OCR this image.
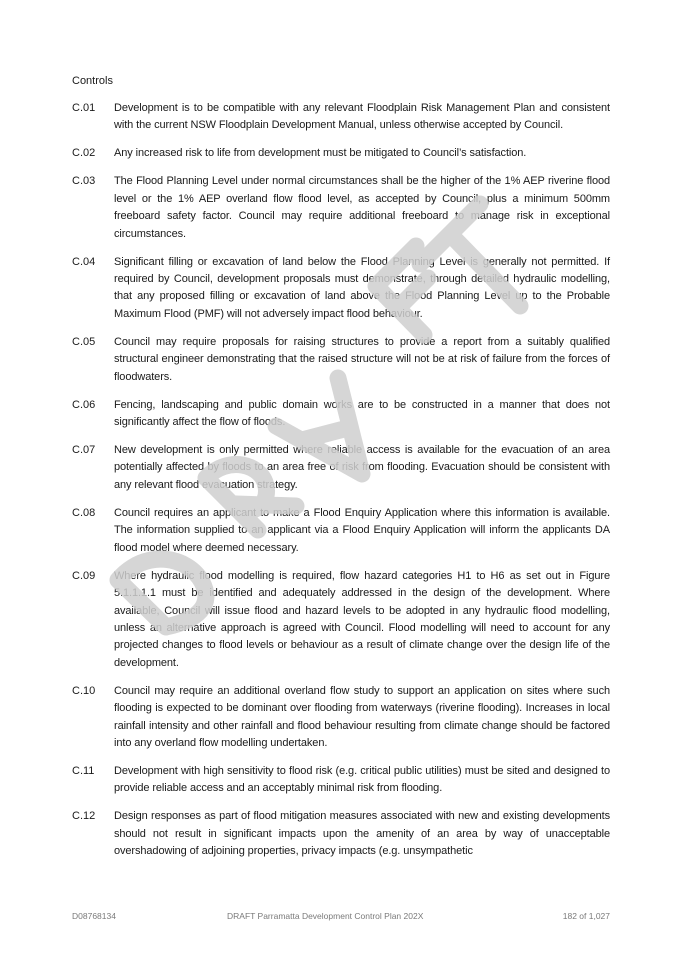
Controls
C.01	Development is to be compatible with any relevant Floodplain Risk Management Plan and consistent with the current NSW Floodplain Development Manual, unless otherwise accepted by Council.
C.02	Any increased risk to life from development must be mitigated to Council’s satisfaction.
C.03	The Flood Planning Level under normal circumstances shall be the higher of the 1% AEP riverine flood level or the 1% AEP overland flow flood level, as accepted by Council, plus a minimum 500mm freeboard safety factor. Council may require additional freeboard to manage risk in exceptional circumstances.
C.04	Significant filling or excavation of land below the Flood Planning Level is generally not permitted. If required by Council, development proposals must demonstrate, through detailed hydraulic modelling, that any proposed filling or excavation of land above the Flood Planning Level up to the Probable Maximum Flood (PMF) will not adversely impact flood behaviour.
C.05	Council may require proposals for raising structures to provide a report from a suitably qualified structural engineer demonstrating that the raised structure will not be at risk of failure from the forces of floodwaters.
C.06	Fencing, landscaping and public domain works are to be constructed in a manner that does not significantly affect the flow of floods.
C.07	New development is only permitted where reliable access is available for the evacuation of an area potentially affected by floods to an area free of risk from flooding. Evacuation should be consistent with any relevant flood evacuation strategy.
C.08	Council requires an applicant to make a Flood Enquiry Application where this information is available. The information supplied to an applicant via a Flood Enquiry Application will inform the applicants DA flood model where deemed necessary.
C.09	Where hydraulic flood modelling is required, flow hazard categories H1 to H6 as set out in Figure 5.1.1.1.1 must be identified and adequately addressed in the design of the development. Where available, Council will issue flood and hazard levels to be adopted in any hydraulic flood modelling, unless an alternative approach is agreed with Council. Flood modelling will need to account for any projected changes to flood levels or behaviour as a result of climate change over the design life of the development.
C.10	Council may require an additional overland flow study to support an application on sites where such flooding is expected to be dominant over flooding from waterways (riverine flooding). Increases in local rainfall intensity and other rainfall and flood behaviour resulting from climate change should be factored into any overland flow modelling undertaken.
C.11	Development with high sensitivity to flood risk (e.g. critical public utilities) must be sited and designed to provide reliable access and an acceptably minimal risk from flooding.
C.12	Design responses as part of flood mitigation measures associated with new and existing developments should not result in significant impacts upon the amenity of an area by way of unacceptable overshadowing of adjoining properties, privacy impacts (e.g. unsympathetic
D08768134	DRAFT Parramatta Development Control Plan 202X	182 of 1,027
